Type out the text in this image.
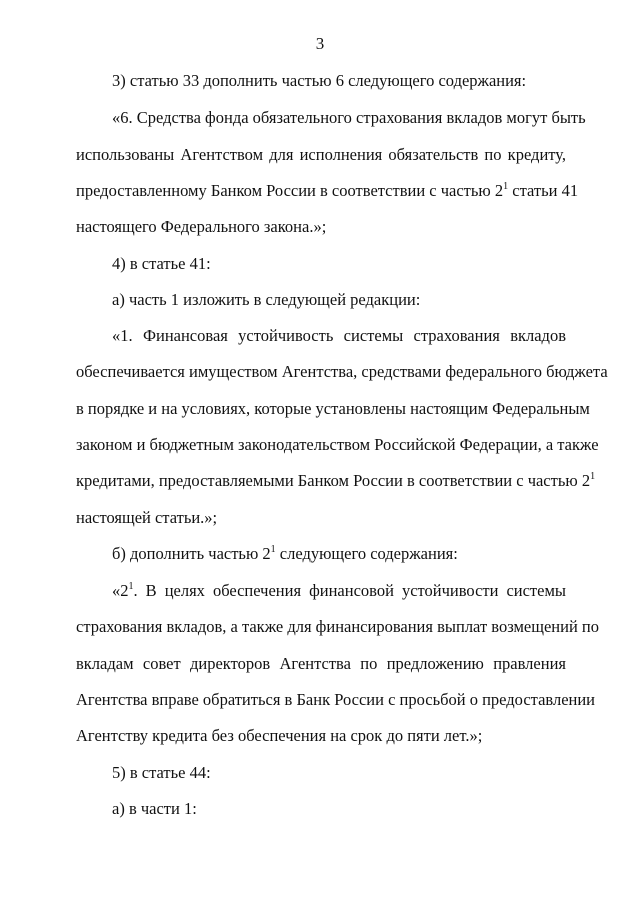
3
3) статью 33 дополнить частью 6 следующего содержания:
«6. Средства фонда обязательного страхования вкладов могут быть
использованы Агентством для исполнения обязательств по кредиту,
предоставленному Банком России в соответствии с частью $2^1$ статьи 41
настоящего Федерального закона.»;
4) в статье 41:
а) часть 1 изложить в следующей редакции:
«1. Финансовая устойчивость системы страхования вкладов
обеспечивается имуществом Агентства, средствами федерального бюджета
в порядке и на условиях, которые установлены настоящим Федеральным
законом и бюджетным законодательством Российской Федерации, а также
кредитами, предоставляемыми Банком России в соответствии с частью $2^1$
настоящей статьи.»;
б) дополнить частью $2^1$ следующего содержания:
«$2^1$. В целях обеспечения финансовой устойчивости системы
страхования вкладов, а также для финансирования выплат возмещений по
вкладам совет директоров Агентства по предложению правления
Агентства вправе обратиться в Банк России с просьбой о предоставлении
Агентству кредита без обеспечения на срок до пяти лет.»;
5) в статье 44:
а) в части 1:
